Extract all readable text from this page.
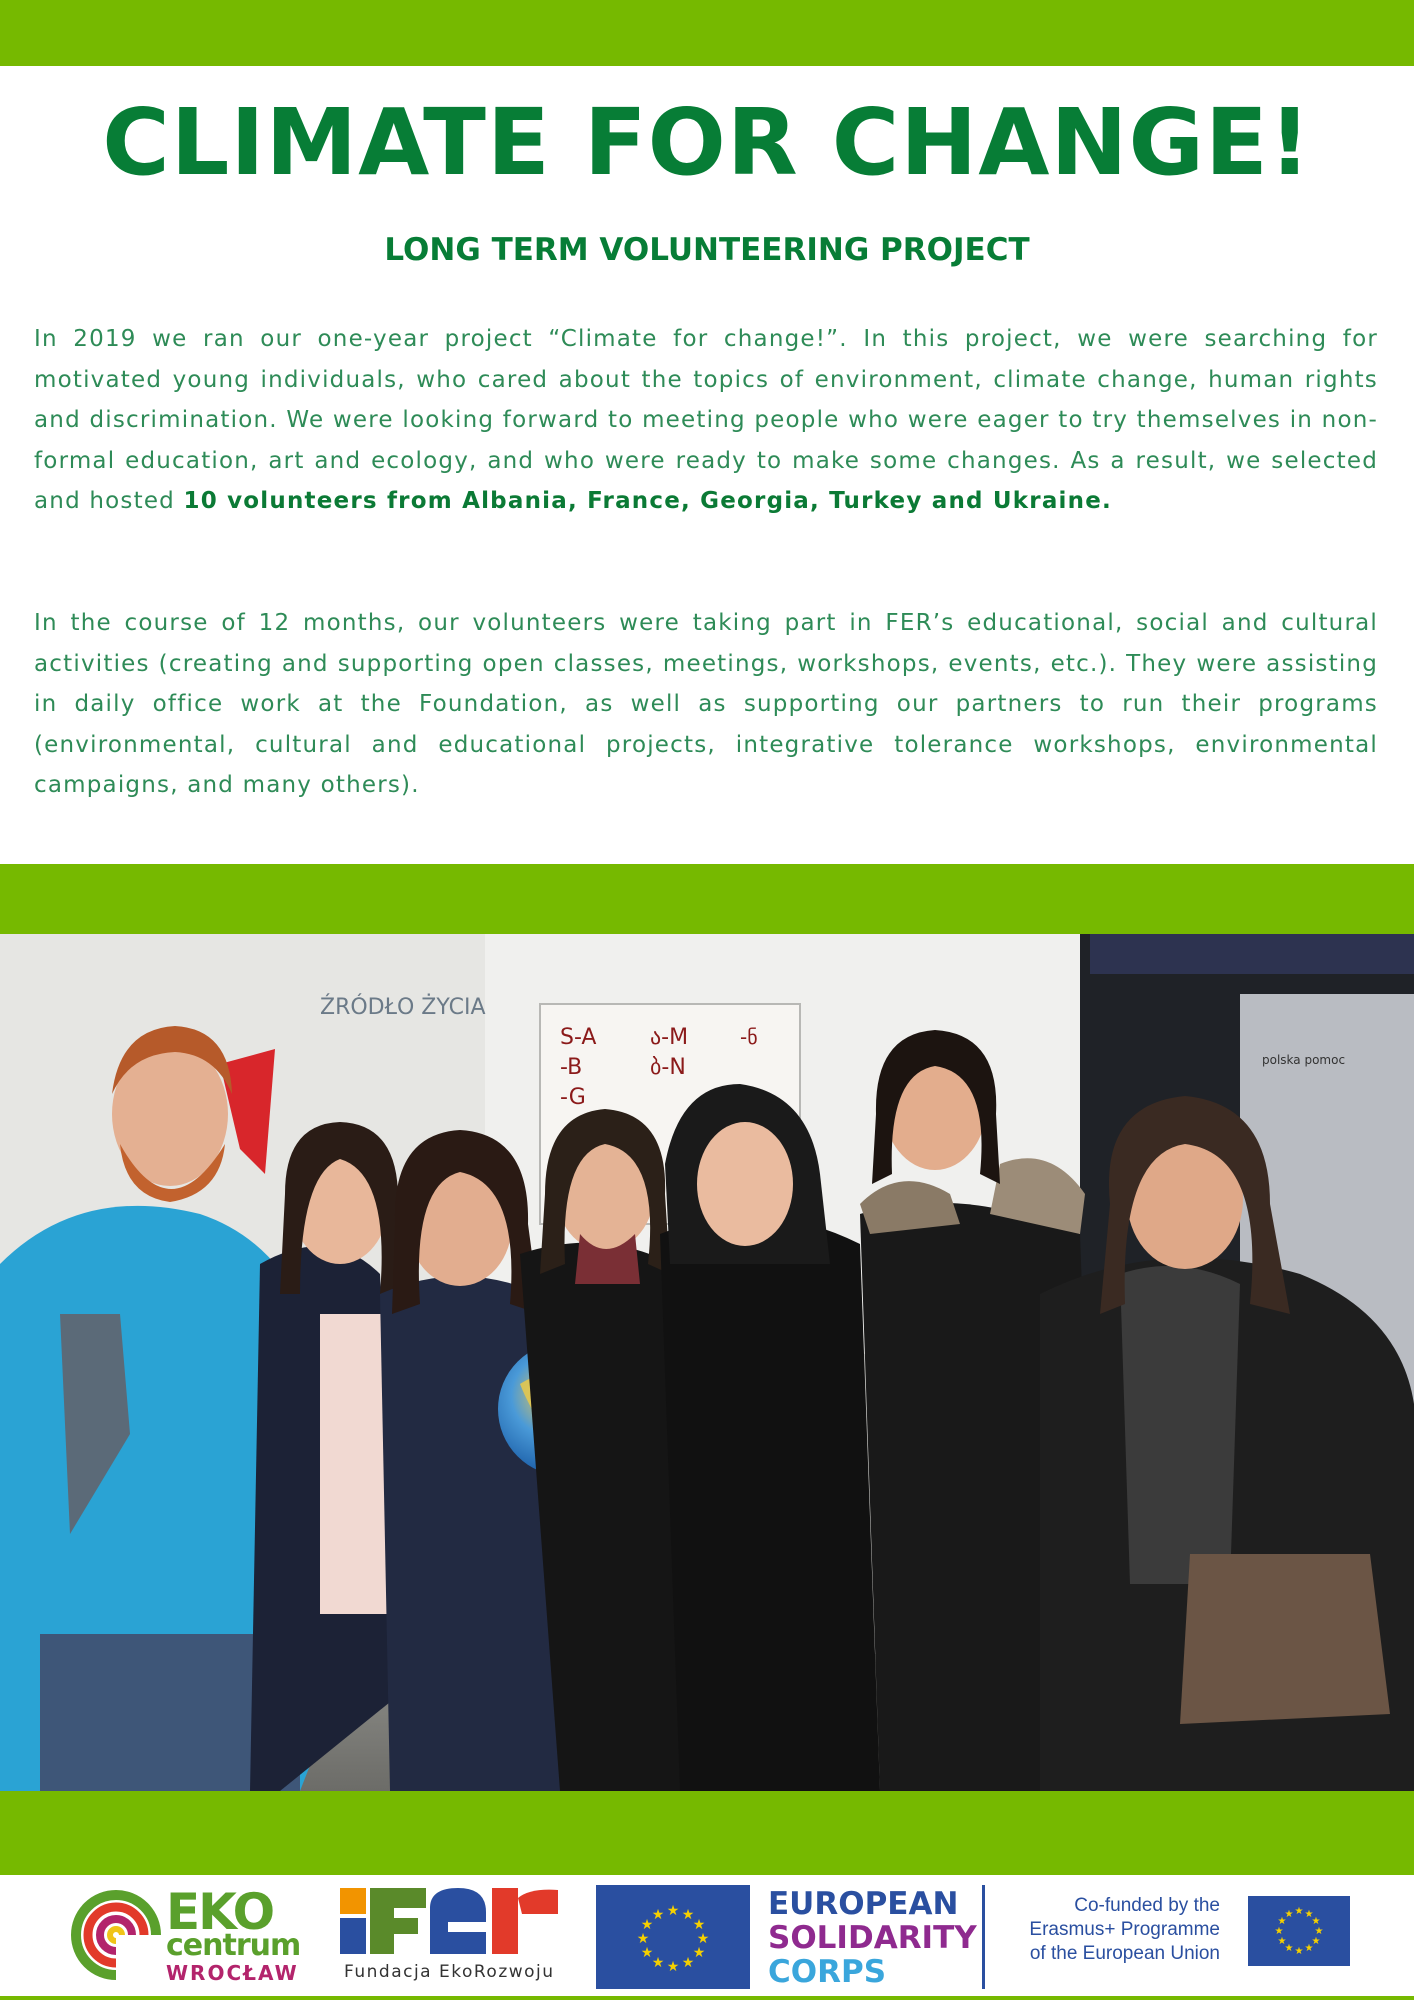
CLIMATE FOR CHANGE!
LONG TERM VOLUNTEERING PROJECT

In 2019 we ran our one-year project “Climate for change!”. In this project, we were searching for motivated young individuals, who cared about the topics of environment, climate change, human rights and discrimination. We were looking forward to meeting people who were eager to try themselves in non-formal education, art and ecology, and who were ready to make some changes. As a result, we selected and hosted 10 volunteers from Albania, France, Georgia, Turkey and Ukraine.

In the course of 12 months, our volunteers were taking part in FER’s educational, social and cultural activities (creating and supporting open classes, meetings, workshops, events, etc.). They were assisting in daily office work at the Foundation, as well as supporting our partners to run their programs (environmental, cultural and educational projects, integrative tolerance workshops, environmental campaigns, and many others).

S-A
-B
-G
ა-M
ბ-N
-ნ
ŹRÓDŁO ŻYCIA
polska pomoc
EKO
centrum
WROCŁAW	Fundacja EkoRozwoju
★ ★
★
★
★
★
★
★
★
★
★
★	EUROPEAN
SOLIDARITY
CORPS
Co-funded by the
Erasmus+ Programme
of the European Union
★ ★
★
★
★
★
★
★
★
★
★
★
